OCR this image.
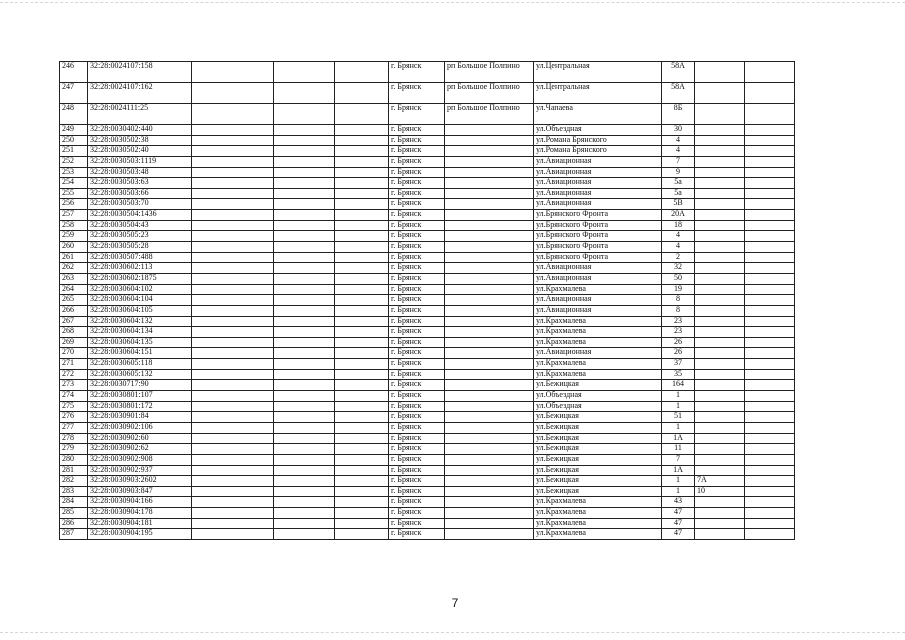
246	32:28:0024107:158				г. Брянск	рп Большое Полпино	ул.Центральная	58А		
247	32:28:0024107:162				г. Брянск	рп Большое Полпино	ул.Центральная	58А		
248	32:28:0024111:25				г. Брянск	рп Большое Полпино	ул.Чапаева	8Б		
249	32:28:0030402:440				г. Брянск		ул.Объездная	30		
250	32:28:0030502:38				г. Брянск		ул.Романа Брянского	4		
251	32:28:0030502:40				г. Брянск		ул.Романа Брянского	4		
252	32:28:0030503:1119				г. Брянск		ул.Авиационная	7		
253	32:28:0030503:48				г. Брянск		ул.Авиационная	9		
254	32:28:0030503:63				г. Брянск		ул.Авиационная	5а		
255	32:28:0030503:66				г. Брянск		ул.Авиационная	5а		
256	32:28:0030503:70				г. Брянск		ул.Авиационная	5В		
257	32:28:0030504:1436				г. Брянск		ул.Брянского Фронта	20А		
258	32:28:0030504:43				г. Брянск		ул.Брянского Фронта	18		
259	32:28:0030505:23				г. Брянск		ул.Брянского Фронта	4		
260	32:28:0030505:28				г. Брянск		ул.Брянского Фронта	4		
261	32:28:0030507:488				г. Брянск		ул.Брянского Фронта	2		
262	32:28:0030602:113				г. Брянск		ул.Авиационная	32		
263	32:28:0030602:1875				г. Брянск		ул.Авиационная	50		
264	32:28:0030604:102				г. Брянск		ул.Крахмалева	19		
265	32:28:0030604:104				г. Брянск		ул.Авиационная	8		
266	32:28:0030604:105				г. Брянск		ул.Авиационная	8		
267	32:28:0030604:132				г. Брянск		ул.Крахмалева	23		
268	32:28:0030604:134				г. Брянск		ул.Крахмалева	23		
269	32:28:0030604:135				г. Брянск		ул.Крахмалева	26		
270	32:28:0030604:151				г. Брянск		ул.Авиационная	26		
271	32:28:0030605:118				г. Брянск		ул.Крахмалева	37		
272	32:28:0030605:132				г. Брянск		ул.Крахмалева	35		
273	32:28:0030717:90				г. Брянск		ул.Бежицкая	164		
274	32:28:0030801:107				г. Брянск		ул.Объездная	1		
275	32:28:0030801:172				г. Брянск		ул.Объездная	1		
276	32:28:0030901:84				г. Брянск		ул.Бежицкая	51		
277	32:28:0030902:106				г. Брянск		ул.Бежицкая	1		
278	32:28:0030902:60				г. Брянск		ул.Бежицкая	1А		
279	32:28:0030902:62				г. Брянск		ул.Бежицкая	11		
280	32:28:0030902:908				г. Брянск		ул.Бежицкая	7		
281	32:28:0030902:937				г. Брянск		ул.Бежицкая	1А		
282	32:28:0030903:2602				г. Брянск		ул.Бежицкая	1	7А	
283	32:28:0030903:847				г. Брянск		ул.Бежицкая	1	10	
284	32:28:0030904:166				г. Брянск		ул.Крахмалева	43		
285	32:28:0030904:178				г. Брянск		ул.Крахмалева	47		
286	32:28:0030904:181				г. Брянск		ул.Крахмалева	47		
287	32:28:0030904:195				г. Брянск		ул.Крахмалева	47		
7
